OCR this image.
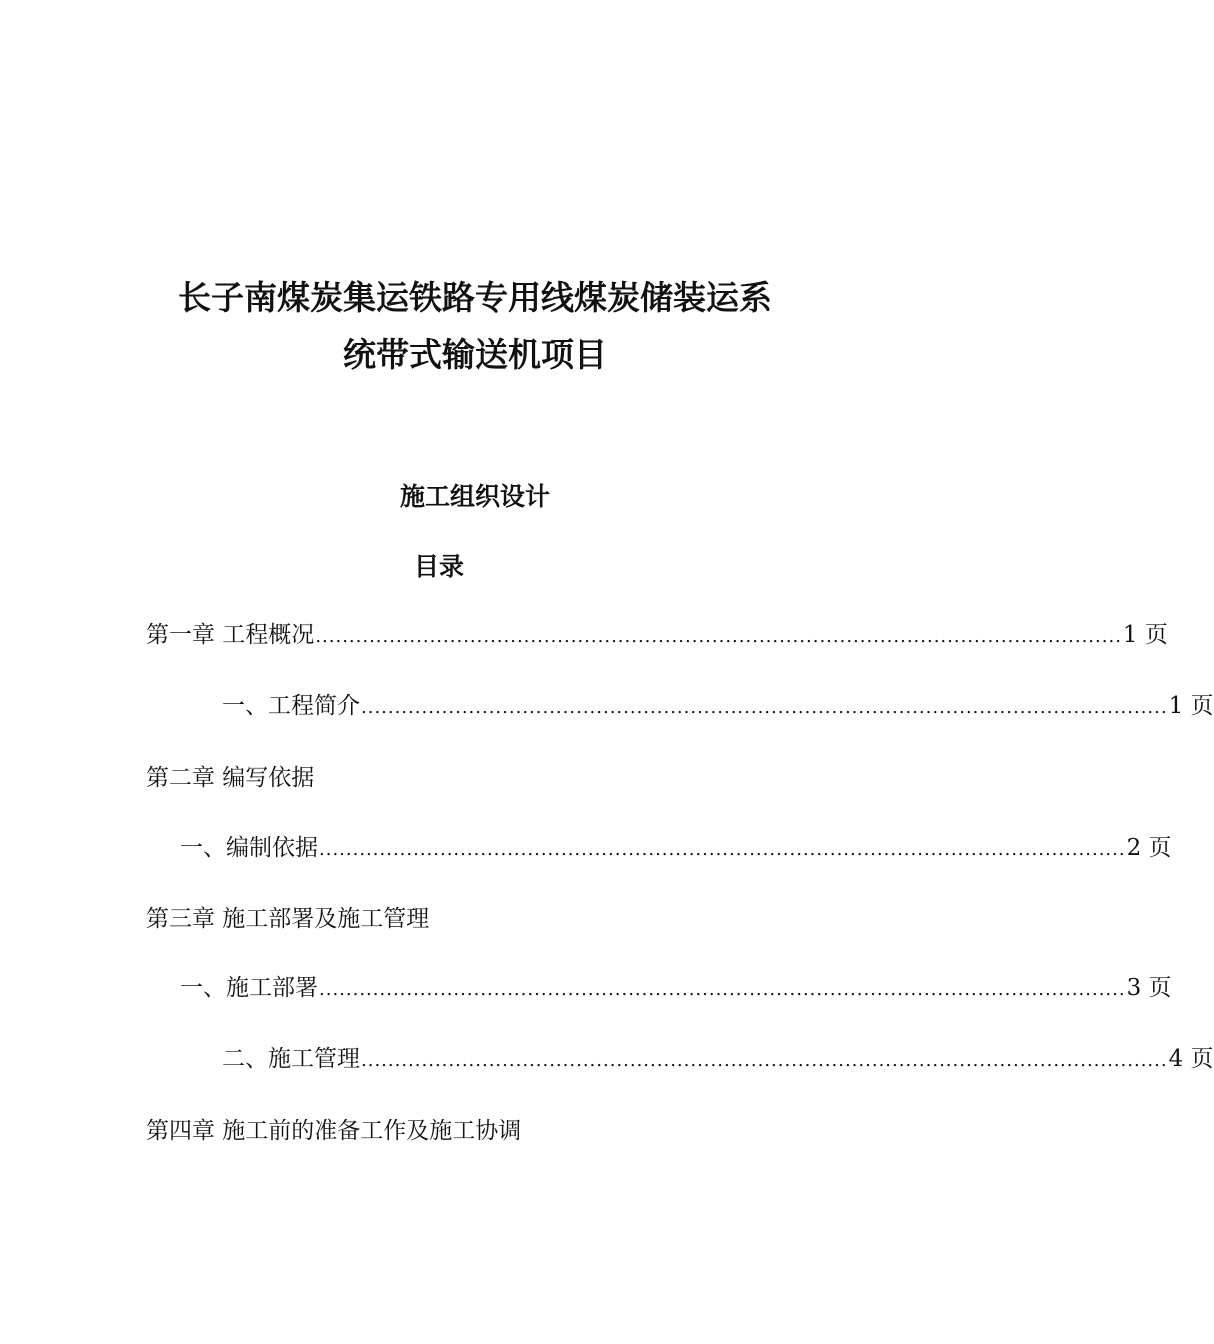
长子南煤炭集运铁路专用线煤炭储装运系
统带式输送机项目
施工组织设计
目录
第一章 工程概况 ........................................................................................................................ 1 页
一、工程简介 ........................................................................................................................ 1 页
第二章 编写依据
一、编制依据 ........................................................................................................................ 2 页
第三章 施工部署及施工管理
一、施工部署 ........................................................................................................................ 3 页
二、施工管理 ........................................................................................................................ 4 页
第四章 施工前的准备工作及施工协调
